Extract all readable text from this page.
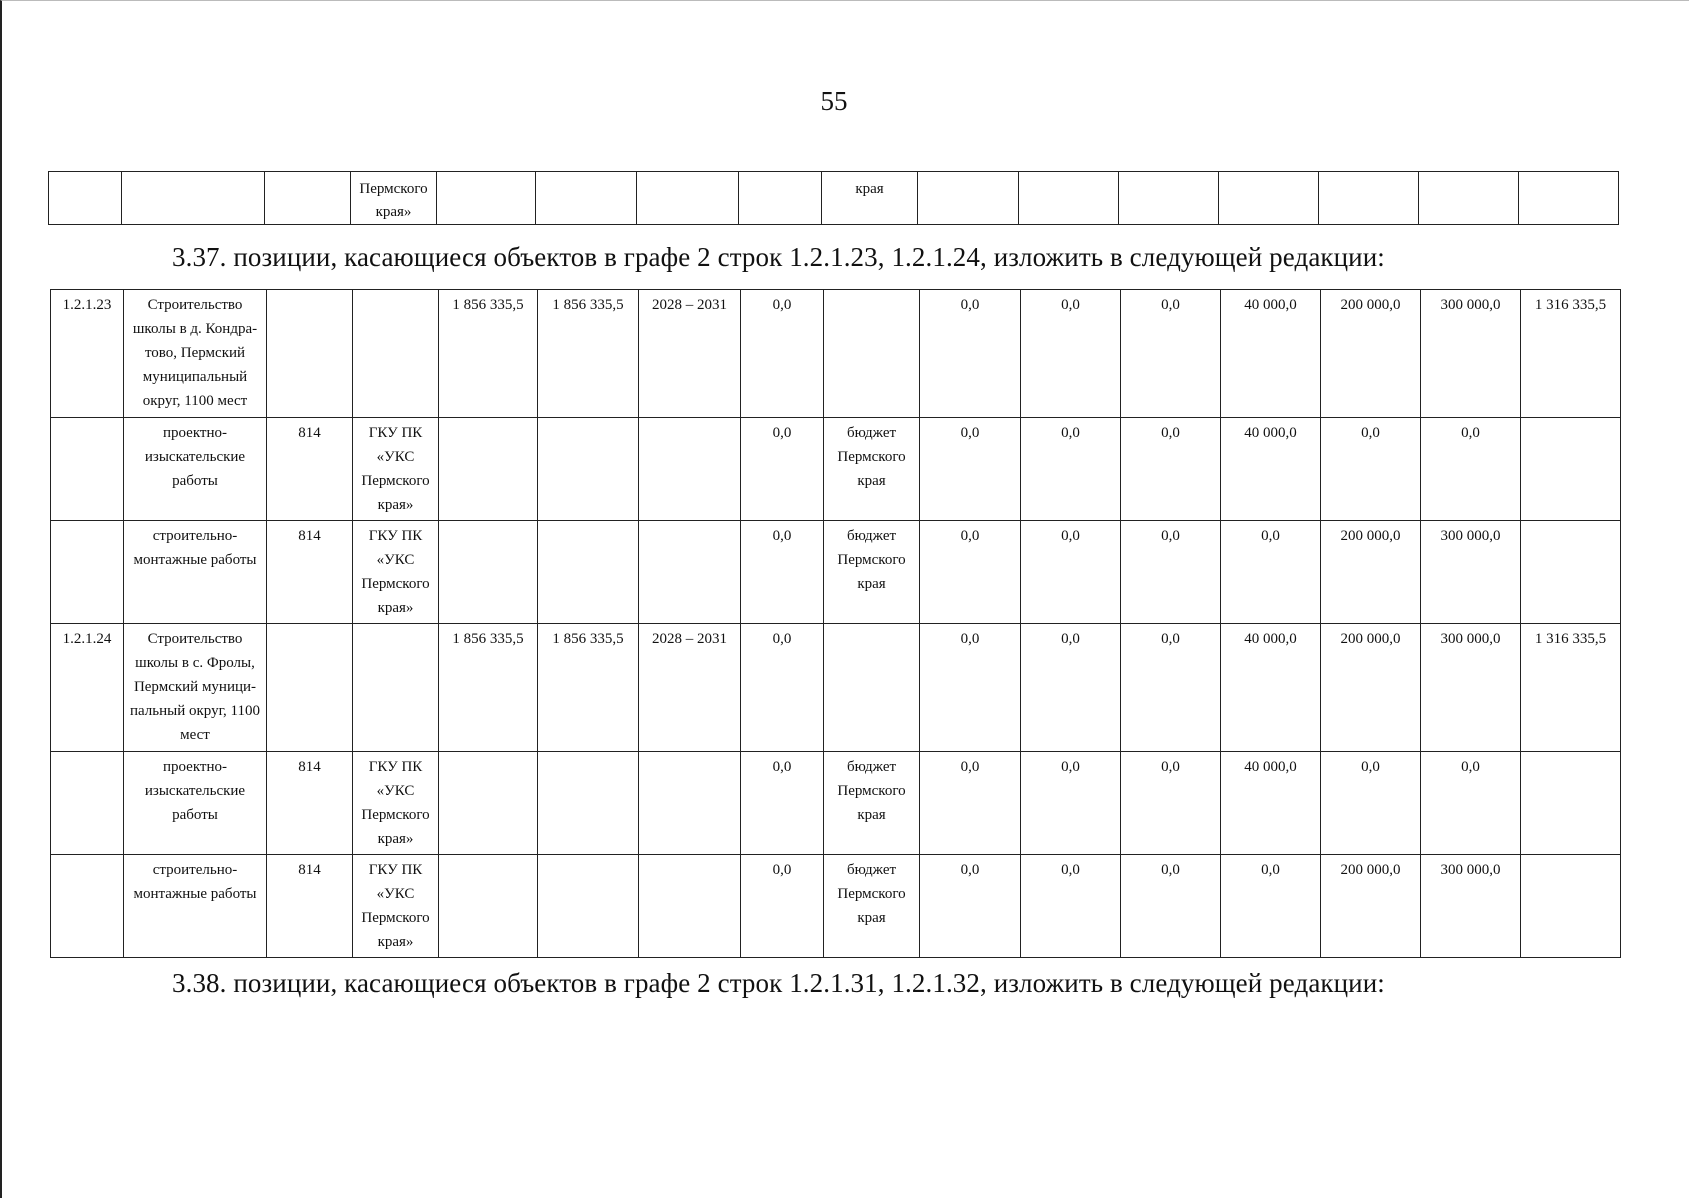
55
			Пермского края»					края							
3.37. позиции, касающиеся объектов в графе 2 строк 1.2.1.23, 1.2.1.24, изложить в следующей редакции:
1.2.1.23	Строительство школы в д. Кондра-тово, Пермский муниципальный округ, 1100 мест			1 856 335,5	1 856 335,5	2028 – 2031	0,0		0,0	0,0	0,0	40 000,0	200 000,0	300 000,0	1 316 335,5
	проектно-изыскательские работы	814	ГКУ ПК «УКС Пермского края»				0,0	бюджет Пермского края	0,0	0,0	0,0	40 000,0	0,0	0,0	
	строительно-монтажные работы	814	ГКУ ПК «УКС Пермского края»				0,0	бюджет Пермского края	0,0	0,0	0,0	0,0	200 000,0	300 000,0	
1.2.1.24	Строительство школы в с. Фролы, Пермский муници-пальный округ, 1100 мест			1 856 335,5	1 856 335,5	2028 – 2031	0,0		0,0	0,0	0,0	40 000,0	200 000,0	300 000,0	1 316 335,5
	проектно-изыскательские работы	814	ГКУ ПК «УКС Пермского края»				0,0	бюджет Пермского края	0,0	0,0	0,0	40 000,0	0,0	0,0	
	строительно-монтажные работы	814	ГКУ ПК «УКС Пермского края»				0,0	бюджет Пермского края	0,0	0,0	0,0	0,0	200 000,0	300 000,0	
3.38. позиции, касающиеся объектов в графе 2 строк 1.2.1.31, 1.2.1.32, изложить в следующей редакции:
